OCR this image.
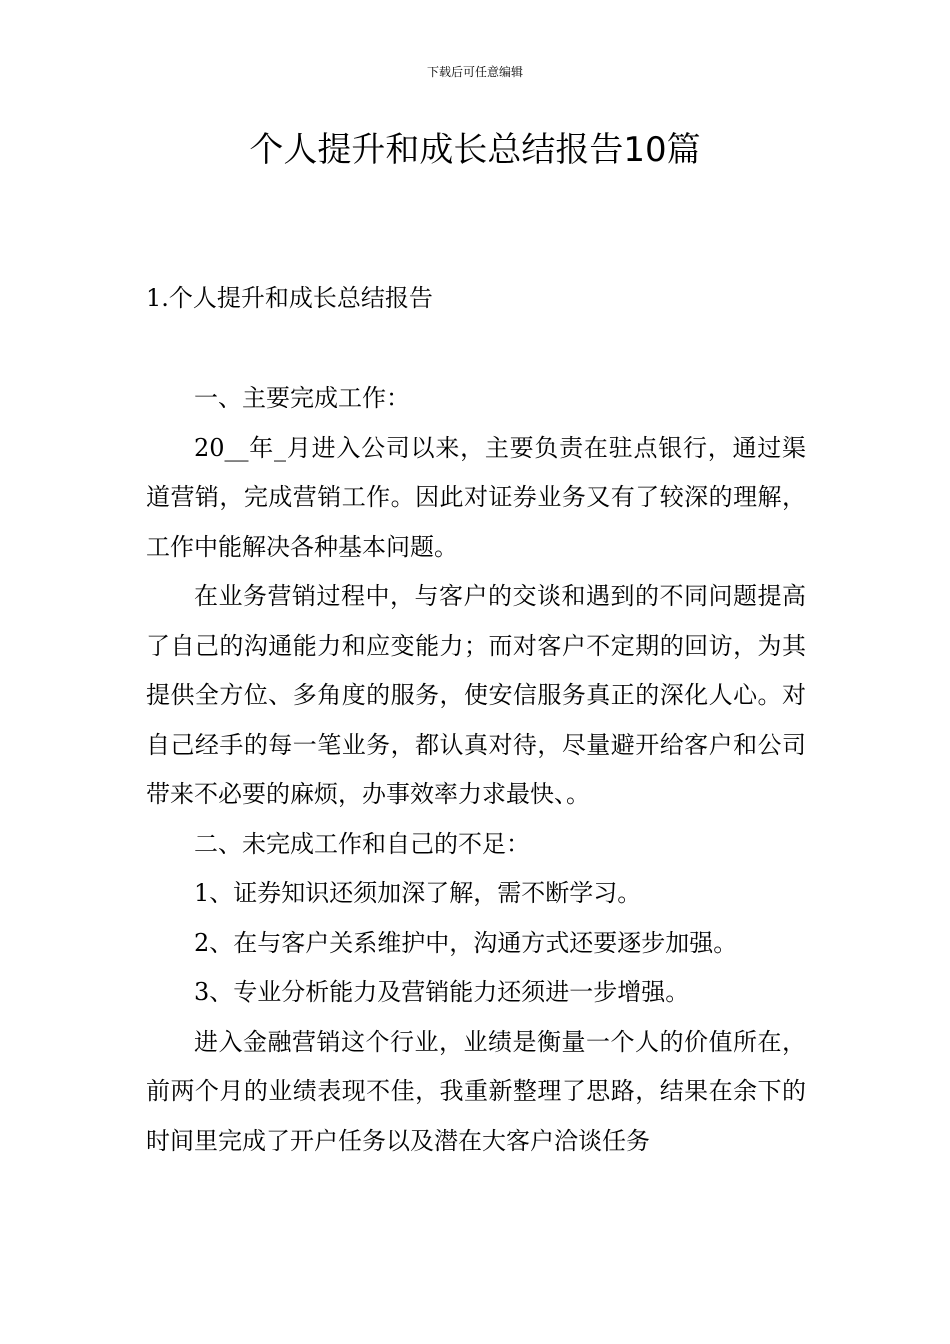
下载后可任意编辑
个人提升和成长总结报告10篇
1.个人提升和成长总结报告

一、主要完成工作：

20__年_月进入公司以来，主要负责在驻点银行，通过渠道营销，完成营销工作。因此对证券业务又有了较深的理解，工作中能解决各种基本问题。

在业务营销过程中，与客户的交谈和遇到的不同问题提高了自己的沟通能力和应变能力；而对客户不定期的回访，为其提供全方位、多角度的服务，使安信服务真正的深化人心。对自己经手的每一笔业务，都认真对待，尽量避开给客户和公司带来不必要的麻烦，办事效率力求最快、。

二、未完成工作和自己的不足：

1、证券知识还须加深了解，需不断学习。

2、在与客户关系维护中，沟通方式还要逐步加强。

3、专业分析能力及营销能力还须进一步增强。

进入金融营销这个行业，业绩是衡量一个人的价值所在，前两个月的业绩表现不佳，我重新整理了思路，结果在余下的时间里完成了开户任务以及潜在大客户洽谈任务
